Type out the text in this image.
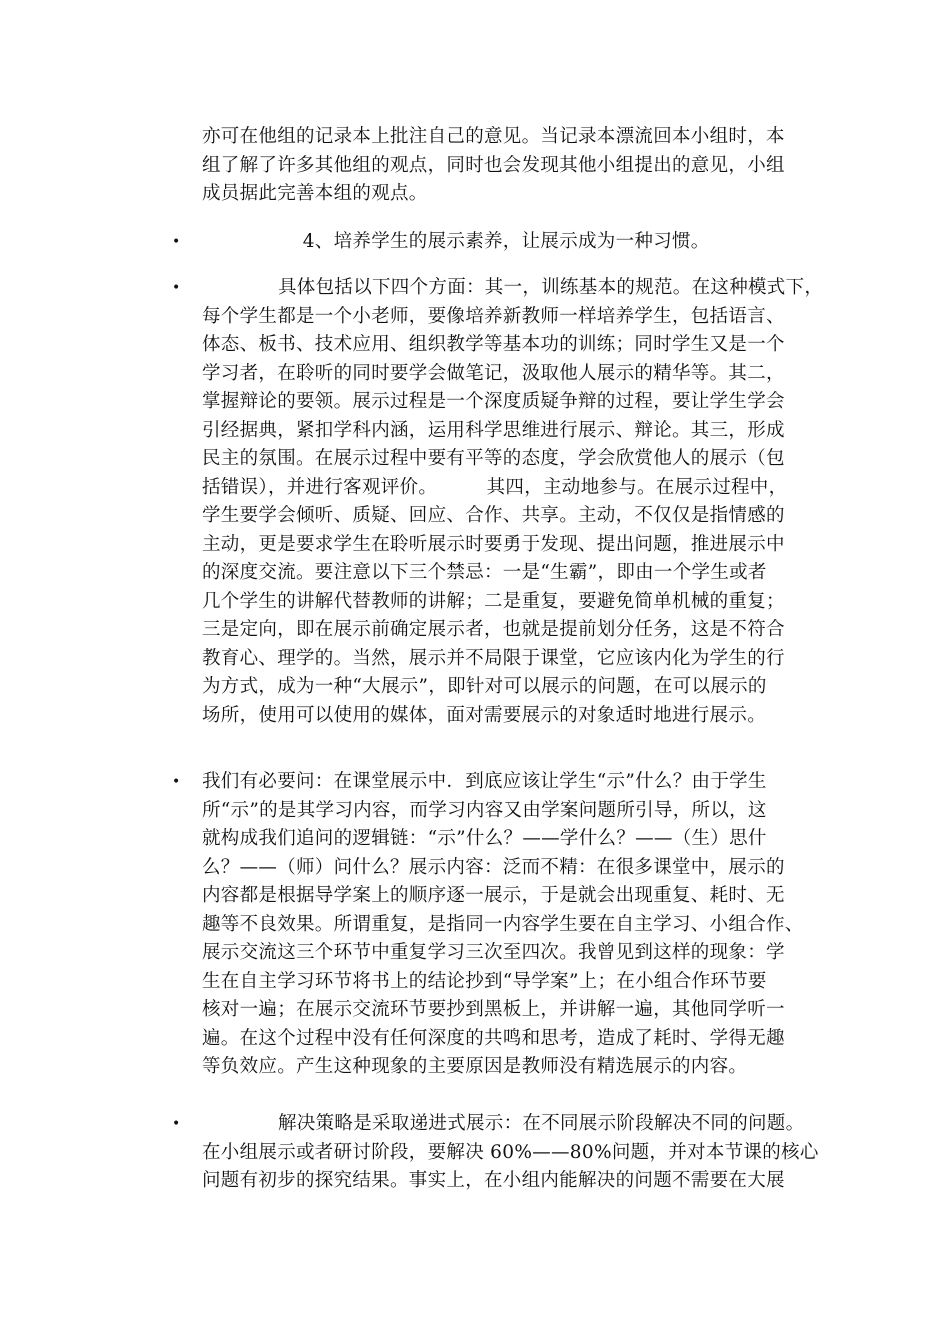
亦可在他组的记录本上批注自己的意见。当记录本漂流回本小组时，本
组了解了许多其他组的观点，同时也会发现其他小组提出的意见，小组
成员据此完善本组的观点。
•	4、培养学生的展示素养，让展示成为一种习惯。
•	具体包括以下四个方面：其一，训练基本的规范。在这种模式下，
每个学生都是一个小老师，要像培养新教师一样培养学生，包括语言、
体态、板书、技术应用、组织教学等基本功的训练；同时学生又是一个
学习者，在聆听的同时要学会做笔记，汲取他人展示的精华等。其二，
掌握辩论的要领。展示过程是一个深度质疑争辩的过程，要让学生学会
引经据典，紧扣学科内涵，运用科学思维进行展示、辩论。其三，形成
民主的氛围。在展示过程中要有平等的态度，学会欣赏他人的展示（包
括错误），并进行客观评价。        其四，主动地参与。在展示过程中，
学生要学会倾听、质疑、回应、合作、共享。主动，不仅仅是指情感的
主动，更是要求学生在聆听展示时要勇于发现、提出问题，推进展示中
的深度交流。要注意以下三个禁忌：一是“生霸”，即由一个学生或者
几个学生的讲解代替教师的讲解；二是重复，要避免简单机械的重复；
三是定向，即在展示前确定展示者，也就是提前划分任务，这是不符合
教育心、理学的。当然，展示并不局限于课堂，它应该内化为学生的行
为方式，成为一种“大展示”，即针对可以展示的问题，在可以展示的
场所，使用可以使用的媒体，面对需要展示的对象适时地进行展示。
• 我们有必要问：在课堂展示中．到底应该让学生“示”什么？由于学生
所“示”的是其学习内容，而学习内容又由学案问题所引导，所以，这
就构成我们追问的逻辑链：“示”什么？——学什么？——（生）思什
么？——（师）问什么？展示内容：泛而不精：在很多课堂中，展示的
内容都是根据导学案上的顺序逐一展示，于是就会出现重复、耗时、无
趣等不良效果。所谓重复，是指同一内容学生要在自主学习、小组合作、
展示交流这三个环节中重复学习三次至四次。我曾见到这样的现象：学
生在自主学习环节将书上的结论抄到“导学案”上；在小组合作环节要
核对一遍；在展示交流环节要抄到黑板上，并讲解一遍，其他同学听一
遍。在这个过程中没有任何深度的共鸣和思考，造成了耗时、学得无趣
等负效应。产生这种现象的主要原因是教师没有精选展示的内容。
•	解决策略是采取递进式展示：在不同展示阶段解决不同的问题。
在小组展示或者研讨阶段，要解决 60%——80%问题，并对本节课的核心
问题有初步的探究结果。事实上，在小组内能解决的问题不需要在大展
